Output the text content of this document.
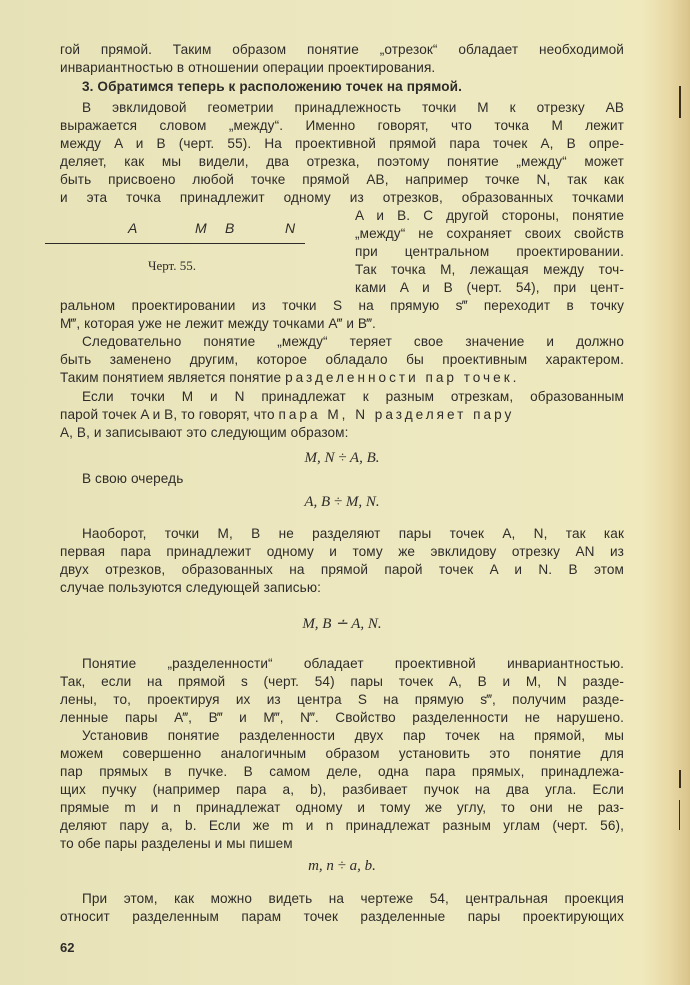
гой прямой. Таким образом понятие „отрезок“ обладает необходимой
инвариантностью в отношении операции проектирования.
3. Обратимся теперь к расположению точек на прямой.
В эвклидовой геометрии принадлежность точки M к отрезку AB
выражается словом „между“. Именно говорят, что точка M лежит
между A и B (черт. 55). На проективной прямой пара точек A, B опре-
деляет, как мы видели, два отрезка, поэтому понятие „между“ может
быть присвоено любой точке прямой AB, например точке N, так как
и эта точка принадлежит одному из отрезков, образованных точками
A и B. С другой стороны, понятие
„между“ не сохраняет своих свойств
при центральном проектировании.
Так точка M, лежащая между точ-
ками A и B (черт. 54), при цент-
ральном проектировании из точки S на прямую s‴ переходит в точку
M‴, которая уже не лежит между точками A‴ и B‴.
A	M B	N
Черт. 55.
Следовательно понятие „между“ теряет свое значение и должно
быть заменено другим, которое обладало бы проективным характером.
Таким понятием является понятие разделенности пар точек.
Если точки M и N принадлежат к разным отрезкам, образованным
парой точек A и B, то говорят, что пара M, N разделяет пару
A, B, и записывают это следующим образом:
M, N ÷ A, B.
В свою очередь
A, B ÷ M, N.
Наоборот, точки M, B не разделяют пары точек A, N, так как
первая пара принадлежит одному и тому же эвклидову отрезку AN из
двух отрезков, образованных на прямой парой точек A и N. В этом
случае пользуются следующей записью:
M, B ∸ A, N.
Понятие „разделенности“ обладает проективной инвариантностью.
Так, если на прямой s (черт. 54) пары точек A, B и M, N разде-
лены, то, проектируя их из центра S на прямую s‴, получим разде-
ленные пары A‴, B‴ и M‴, N‴. Свойство разделенности не нарушено.
Установив понятие разделенности двух пар точек на прямой, мы
можем совершенно аналогичным образом установить это понятие для
пар прямых в пучке. В самом деле, одна пара прямых, принадлежа-
щих пучку (например пара a, b), разбивает пучок на два угла. Если
прямые m и n принадлежат одному и тому же углу, то они не раз-
деляют пару a, b. Если же m и n принадлежат разным углам (черт. 56),
то обе пары разделены и мы пишем
m, n ÷ a, b.
При этом, как можно видеть на чертеже 54, центральная проекция
относит разделенным парам точек разделенные пары проектирующих
62
